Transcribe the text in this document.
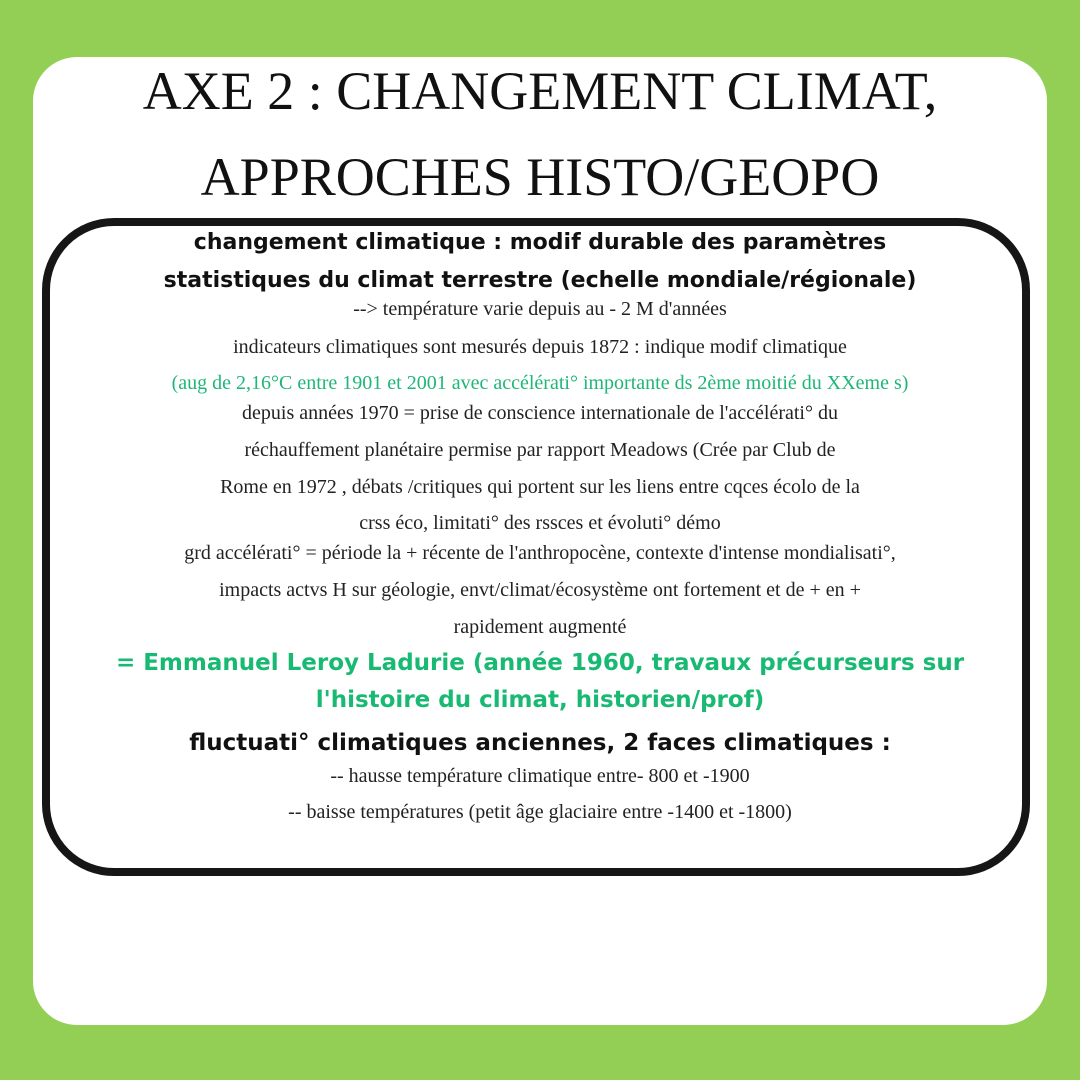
AXE 2 : CHANGEMENT CLIMAT,
APPROCHES HISTO/GEOPO
changement climatique : modif durable des paramètres
statistiques du climat terrestre (echelle mondiale/régionale)
--> température varie depuis au - 2 M d'années
indicateurs climatiques sont mesurés depuis 1872 : indique modif climatique
(aug de 2,16°C entre 1901 et 2001 avec accélérati° importante ds 2ème moitié du XXeme s)
depuis années 1970 = prise de conscience internationale de l'accélérati° du
réchauffement planétaire permise par rapport Meadows (Crée par Club de
Rome en 1972 , débats /critiques qui portent sur les liens entre cqces écolo de la
crss éco, limitati° des rssces et évoluti° démo
grd accélérati° = période la + récente de l'anthropocène, contexte d'intense mondialisati°,
impacts actvs H sur géologie, envt/climat/écosystème ont fortement et de + en +
rapidement augmenté
= Emmanuel Leroy Ladurie (année 1960, travaux précurseurs sur
l'histoire du climat, historien/prof)
fluctuati° climatiques anciennes, 2 faces climatiques :
-- hausse température climatique entre- 800 et -1900
-- baisse températures (petit âge glaciaire entre -1400 et -1800)
